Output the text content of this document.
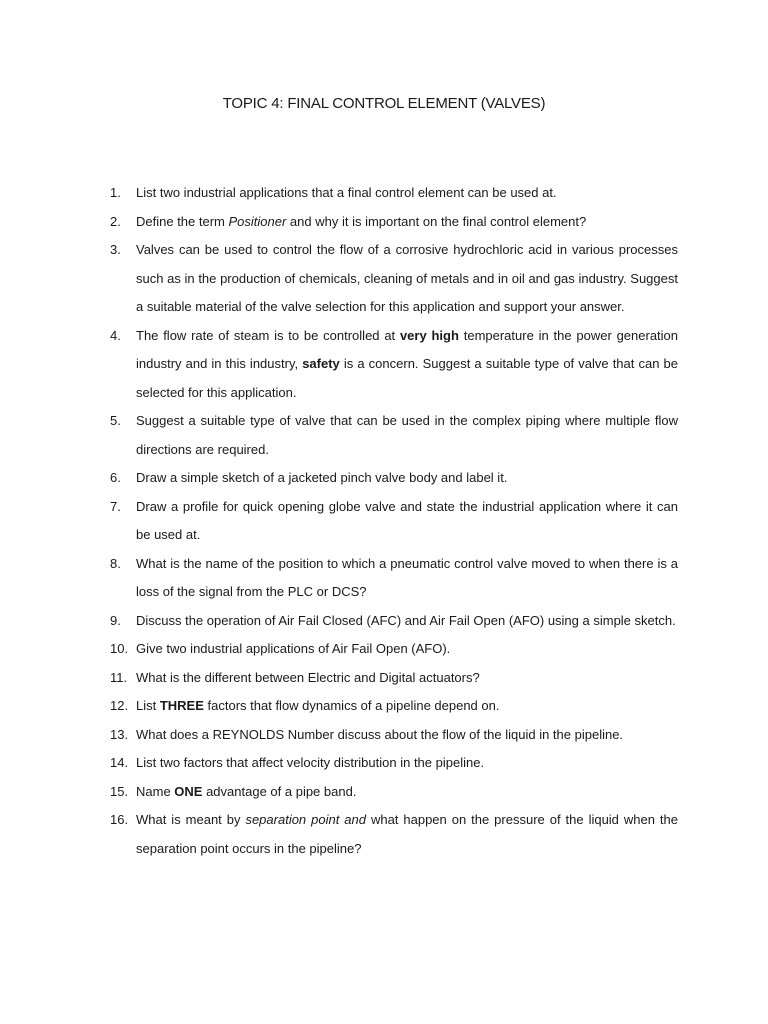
TOPIC 4: FINAL CONTROL ELEMENT (VALVES)
1.	List two industrial applications that a final control element can be used at.
2.	Define the term Positioner and why it is important on the final control element?
3.	Valves can be used to control the flow of a corrosive hydrochloric acid in various processes such as in the production of chemicals, cleaning of metals and in oil and gas industry. Suggest a suitable material of the valve selection for this application and support your answer.
4.	The flow rate of steam is to be controlled at very high temperature in the power generation industry and in this industry, safety is a concern. Suggest a suitable type of valve that can be selected for this application.
5.	Suggest a suitable type of valve that can be used in the complex piping where multiple flow directions are required.
6.	Draw a simple sketch of a jacketed pinch valve body and label it.
7.	Draw a profile for quick opening globe valve and state the industrial application where it can be used at.
8.	What is the name of the position to which a pneumatic control valve moved to when there is a loss of the signal from the PLC or DCS?
9.	Discuss the operation of Air Fail Closed (AFC) and Air Fail Open (AFO) using a simple sketch.
10. Give two industrial applications of Air Fail Open (AFO).
11. What is the different between Electric and Digital actuators?
12. List THREE factors that flow dynamics of a pipeline depend on.
13. What does a REYNOLDS Number discuss about the flow of the liquid in the pipeline.
14. List two factors that affect velocity distribution in the pipeline.
15. Name ONE advantage of a pipe band.
16. What is meant by separation point and what happen on the pressure of the liquid when the separation point occurs in the pipeline?
